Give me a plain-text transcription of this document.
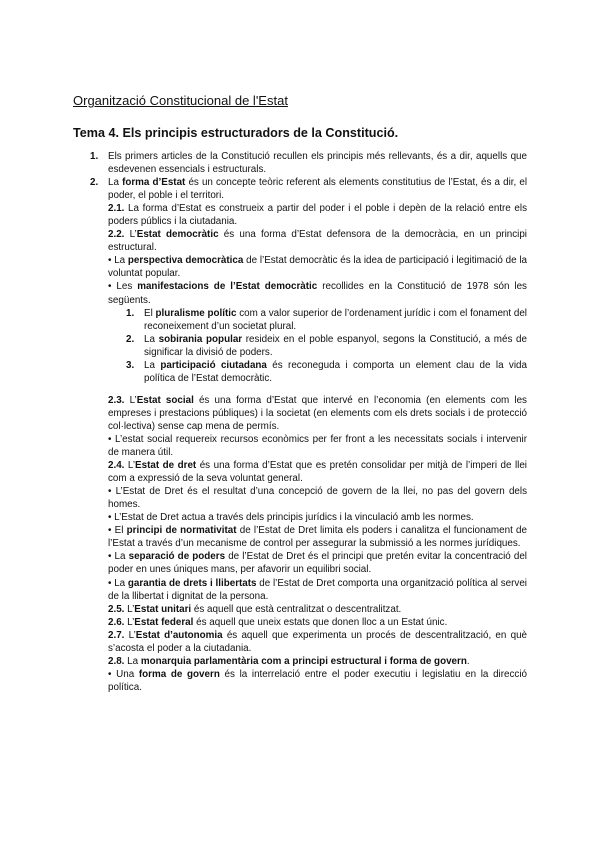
Organització Constitucional de l'Estat
Tema 4. Els principis estructuradors de la Constitució.
1. Els primers articles de la Constitució recullen els principis més rellevants, és a dir, aquells que esdevenen essencials i estructurals.
2. La forma d’Estat és un concepte teòric referent als elements constitutius de l’Estat, és a dir, el poder, el poble i el territori.
2.1. La forma d’Estat es construeix a partir del poder i el poble i depèn de la relació entre els poders públics i la ciutadania.
2.2. L’Estat democràtic és una forma d’Estat defensora de la democràcia, en un principi estructural.
• La perspectiva democràtica de l’Estat democràtic és la idea de participació i legitimació de la voluntat popular.
• Les manifestacions de l’Estat democràtic recollides en la Constitució de 1978 són les següents.
1. El pluralisme polític com a valor superior de l’ordenament jurídic i com el fonament del reconeixement d’un societat plural.
2. La sobirania popular resideix en el poble espanyol, segons la Constitució, a més de significar la divisió de poders.
3. La participació ciutadana és reconeguda i comporta un element clau de la vida política de l’Estat democràtic.
2.3. L’Estat social és una forma d’Estat que intervé en l’economia (en elements com les empreses i prestacions públiques) i la societat (en elements com els drets socials i de protecció col·lectiva) sense cap mena de permís.
• L’estat social requereix recursos econòmics per fer front a les necessitats socials i intervenir de manera útil.
2.4. L’Estat de dret és una forma d’Estat que es pretén consolidar per mitjà de l’imperi de llei com a expressió de la seva voluntat general.
• L’Estat de Dret és el resultat d’una concepció de govern de la llei, no pas del govern dels homes.
• L’Estat de Dret actua a través dels principis jurídics i la vinculació amb les normes.
• El principi de normativitat de l’Estat de Dret limita els poders i canalitza el funcionament de l’Estat a través d’un mecanisme de control per assegurar la submissió a les normes jurídiques.
• La separació de poders de l’Estat de Dret és el principi que pretén evitar la concentració del poder en unes úniques mans, per afavorir un equilibri social.
• La garantia de drets i llibertats de l’Estat de Dret comporta una organització política al servei de la llibertat i dignitat de la persona.
2.5. L’Estat unitari és aquell que està centralitzat o descentralitzat.
2.6. L’Estat federal és aquell que uneix estats que donen lloc a un Estat únic.
2.7. L’Estat d’autonomia és aquell que experimenta un procés de descentralització, en què s’acosta el poder a la ciutadania.
2.8. La monarquia parlamentària com a principi estructural i forma de govern.
• Una forma de govern és la interrelació entre el poder executiu i legislatiu en la direcció política.
